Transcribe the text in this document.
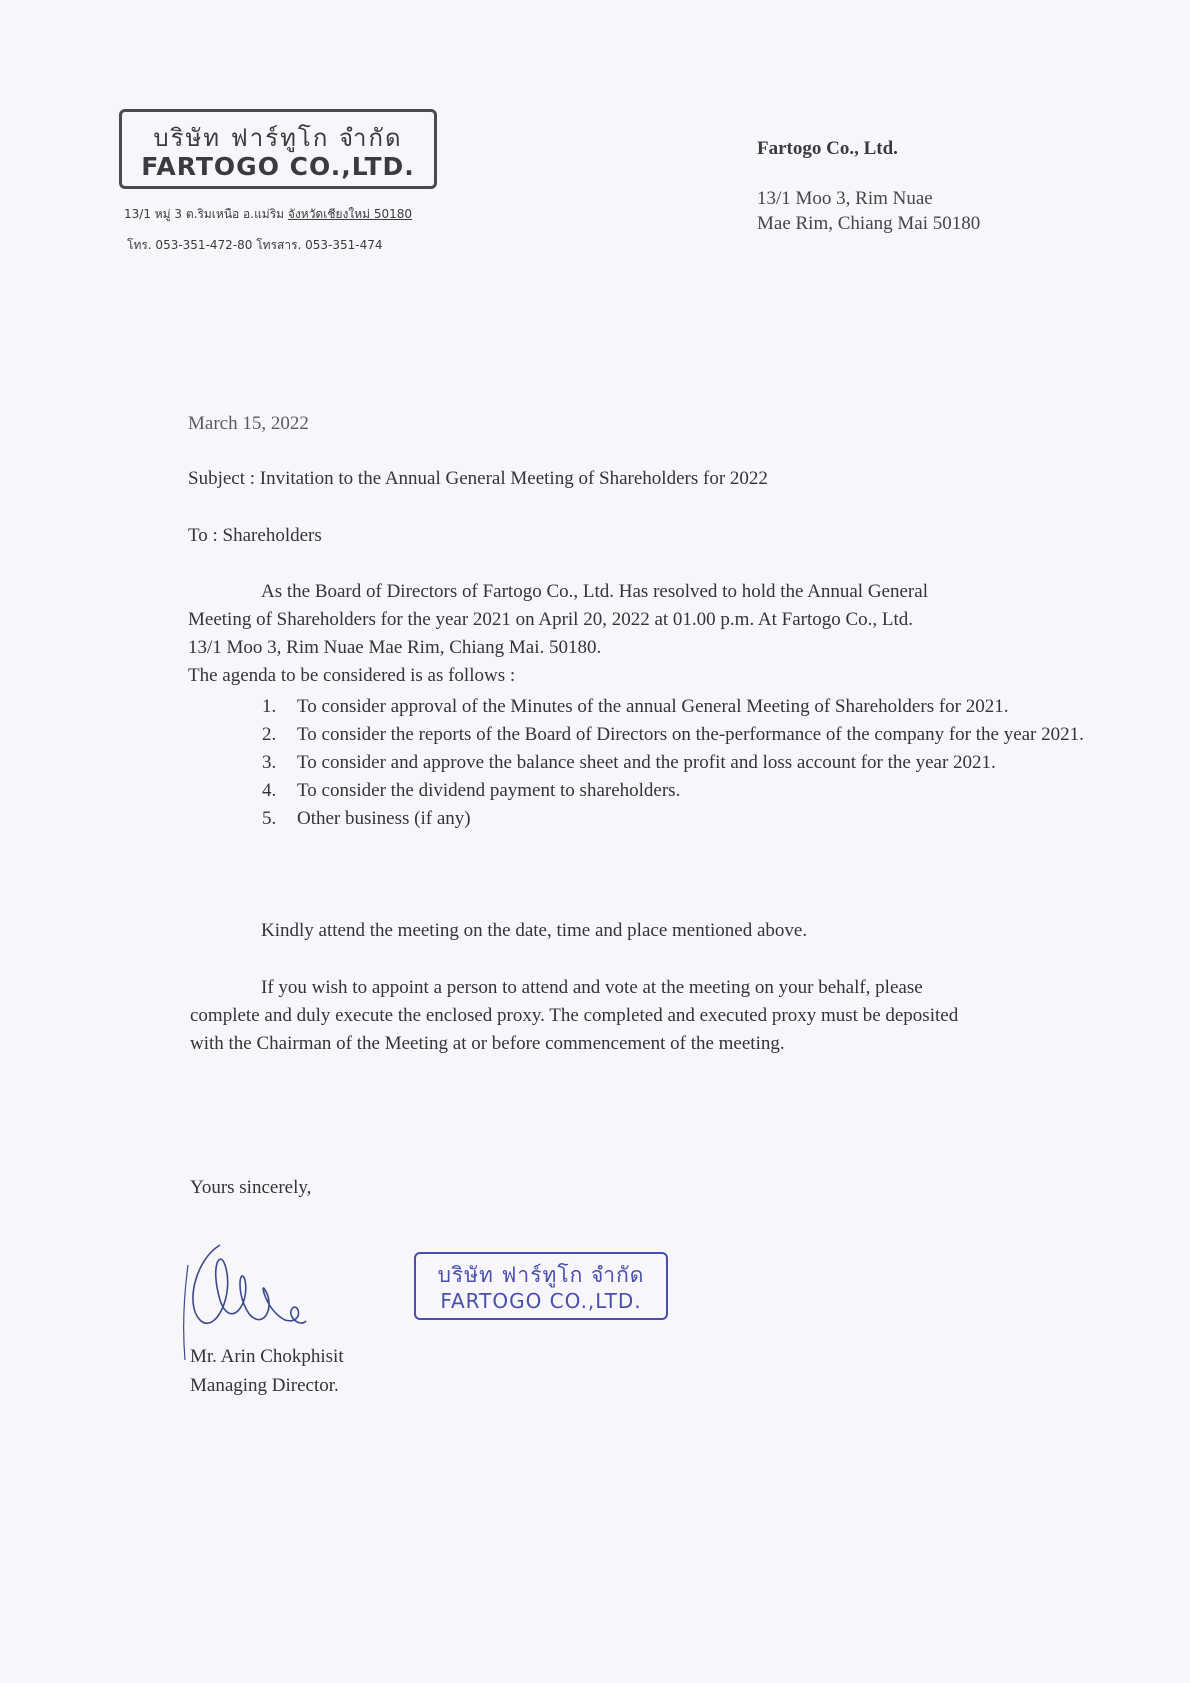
บริษัท ฟาร์ทูโก จำกัด
FARTOGO CO.,LTD.
13/1 หมู่ 3 ต.ริมเหนือ อ.แม่ริม จังหวัดเชียงใหม่ 50180
โทร. 053-351-472-80 โทรสาร. 053-351-474
Fartogo Co., Ltd.
13/1 Moo 3, Rim Nuae
Mae Rim, Chiang Mai 50180
March 15, 2022
Subject : Invitation to the Annual General Meeting of Shareholders for 2022
To : Shareholders
As the Board of Directors of Fartogo Co., Ltd. Has resolved to hold the Annual General
Meeting of Shareholders for the year 2021 on April 20, 2022 at 01.00 p.m. At Fartogo Co., Ltd.
13/1 Moo 3, Rim Nuae Mae Rim, Chiang Mai. 50180.
The agenda to be considered is as follows :
1.	To consider approval of the Minutes of the annual General Meeting of Shareholders for 2021.
2.	To consider the reports of the Board of Directors on the-performance of the company for the year 2021.
3.	To consider and approve the balance sheet and the profit and loss account for the year 2021.
4.	To consider the dividend payment to shareholders.
5.	Other business (if any)
Kindly attend the meeting on the date, time and place mentioned above.
If you wish to appoint a person to attend and vote at the meeting on your behalf, please
complete and duly execute the enclosed proxy. The completed and executed proxy must be deposited
with the Chairman of the Meeting at or before commencement of the meeting.
Yours sincerely,
Mr. Arin Chokphisit
Managing Director.
บริษัท ฟาร์ทูโก จำกัด
FARTOGO CO.,LTD.
